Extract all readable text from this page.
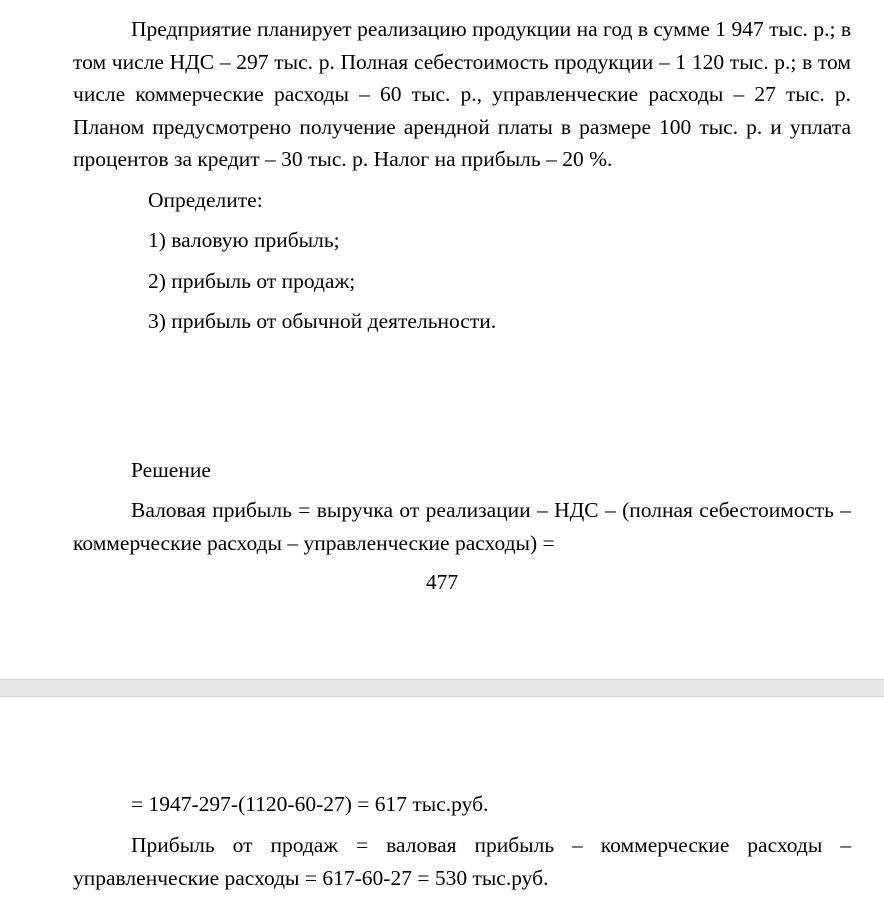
Предприятие планирует реализацию продукции на год в сумме 1 947 тыс. р.; в том числе НДС – 297 тыс. р. Полная себестоимость продукции – 1 120 тыс. р.; в том числе коммерческие расходы – 60 тыс. р., управленческие расходы – 27 тыс. р. Планом предусмотрено получение арендной платы в размере 100 тыс. р. и уплата процентов за кредит – 30 тыс. р. Налог на прибыль – 20 %.

Определите:

1) валовую прибыль;

2) прибыль от продаж;

3) прибыль от обычной деятельности.

Решение

Валовая прибыль = выручка от реализации – НДС – (полная себестоимость – коммерческие расходы – управленческие расходы) =

477
= 1947-297-(1120-60-27) = 617 тыс.руб.

Прибыль от продаж = валовая прибыль – коммерческие расходы – управленческие расходы = 617-60-27 = 530 тыс.руб.
